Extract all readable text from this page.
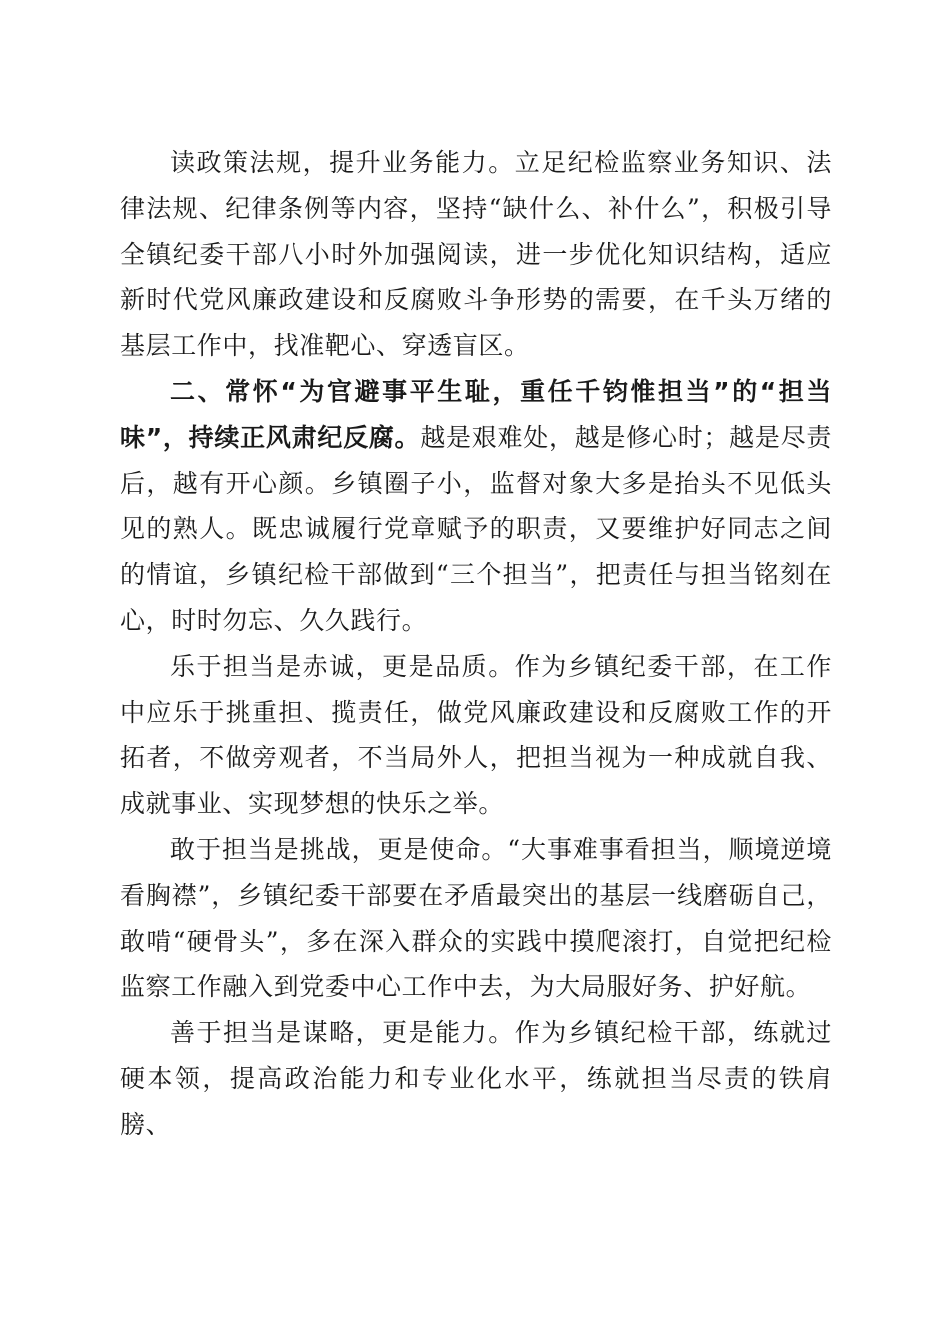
读政策法规，提升业务能力。立足纪检监察业务知识、法律法规、纪律条例等内容，坚持“缺什么、补什么”，积极引导全镇纪委干部八小时外加强阅读，进一步优化知识结构，适应新时代党风廉政建设和反腐败斗争形势的需要，在千头万绪的基层工作中，找准靶心、穿透盲区。

二、常怀“为官避事平生耻，重任千钧惟担当”的“担当味”，持续正风肃纪反腐。越是艰难处，越是修心时；越是尽责后，越有开心颜。乡镇圈子小，监督对象大多是抬头不见低头见的熟人。既忠诚履行党章赋予的职责，又要维护好同志之间的情谊，乡镇纪检干部做到“三个担当”，把责任与担当铭刻在心，时时勿忘、久久践行。

乐于担当是赤诚，更是品质。作为乡镇纪委干部，在工作中应乐于挑重担、揽责任，做党风廉政建设和反腐败工作的开拓者，不做旁观者，不当局外人，把担当视为一种成就自我、成就事业、实现梦想的快乐之举。

敢于担当是挑战，更是使命。“大事难事看担当，顺境逆境看胸襟”，乡镇纪委干部要在矛盾最突出的基层一线磨砺自己，敢啃“硬骨头”，多在深入群众的实践中摸爬滚打，自觉把纪检监察工作融入到党委中心工作中去，为大局服好务、护好航。

善于担当是谋略，更是能力。作为乡镇纪检干部，练就过硬本领，提高政治能力和专业化水平，练就担当尽责的铁肩膀、
